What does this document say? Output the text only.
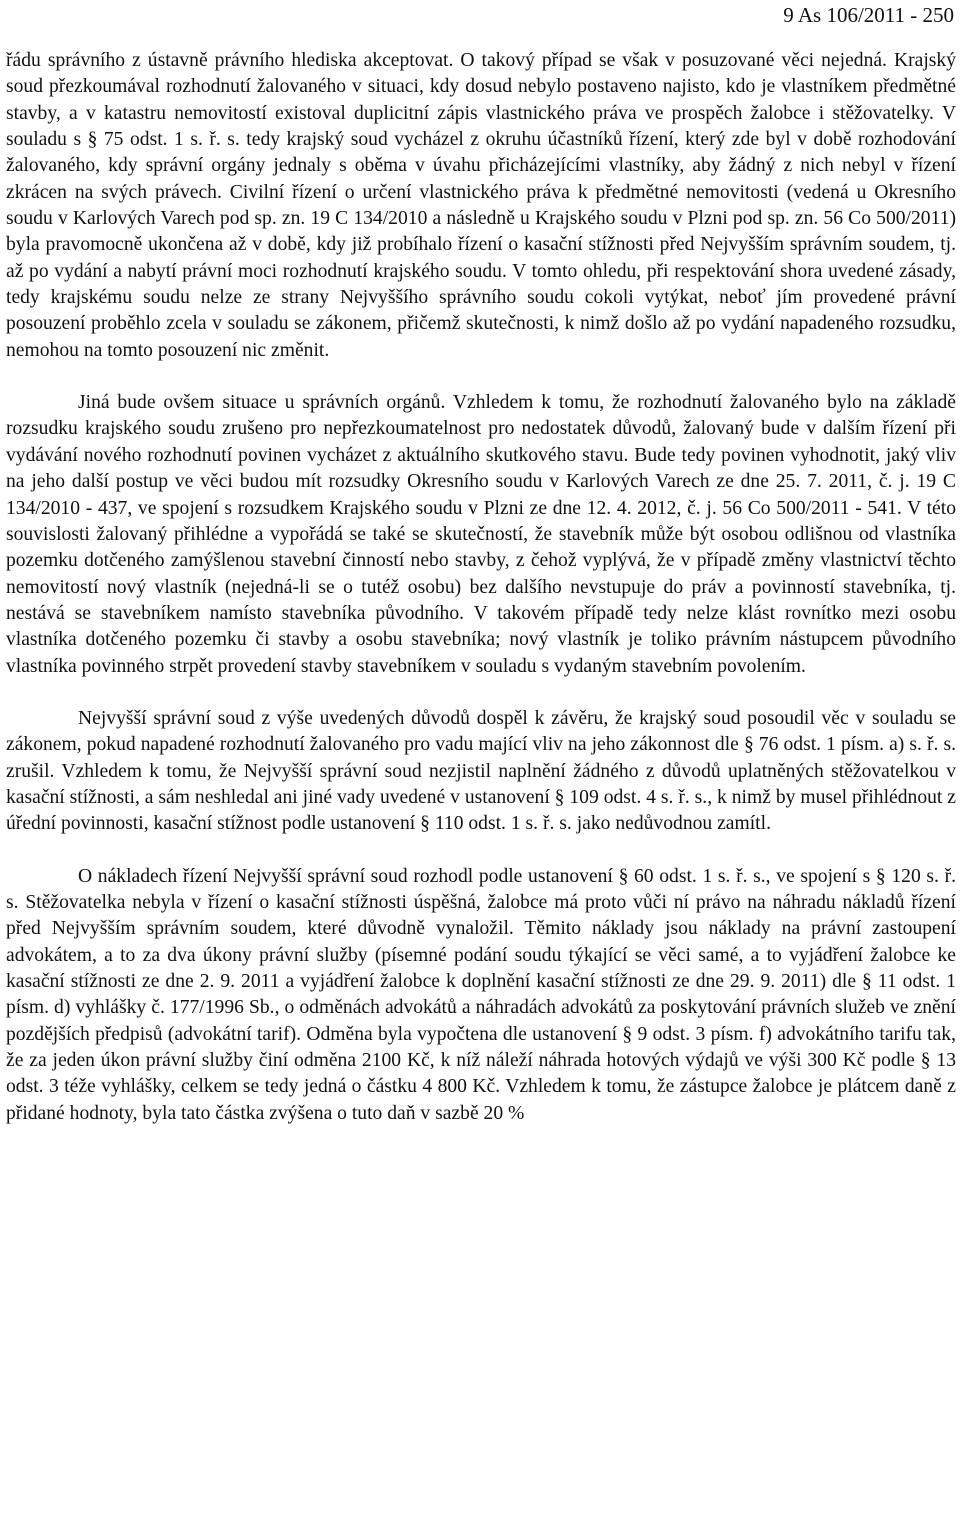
9 As 106/2011 - 250

řádu správního z ústavně právního hlediska akceptovat. O takový případ se však v posuzované věci nejedná. Krajský soud přezkoumával rozhodnutí žalovaného v situaci, kdy dosud nebylo postaveno najisto, kdo je vlastníkem předmětné stavby, a v katastru nemovitostí existoval duplicitní zápis vlastnického práva ve prospěch žalobce i stěžovatelky. V souladu s § 75 odst. 1 s. ř. s. tedy krajský soud vycházel z okruhu účastníků řízení, který zde byl v době rozhodování žalovaného, kdy správní orgány jednaly s oběma v úvahu přicházejícími vlastníky, aby žádný z nich nebyl v řízení zkrácen na svých právech. Civilní řízení o určení vlastnického práva k předmětné nemovitosti (vedená u Okresního soudu v Karlových Varech pod sp. zn. 19 C 134/2010 a následně u Krajského soudu v Plzni pod sp. zn. 56 Co 500/2011) byla pravomocně ukončena až v době, kdy již probíhalo řízení o kasační stížnosti před Nejvyšším správním soudem, tj. až po vydání a nabytí právní moci rozhodnutí krajského soudu. V tomto ohledu, při respektování shora uvedené zásady, tedy krajskému soudu nelze ze strany Nejvyššího správního soudu cokoli vytýkat, neboť jím provedené právní posouzení proběhlo zcela v souladu se zákonem, přičemž skutečnosti, k nimž došlo až po vydání napadeného rozsudku, nemohou na tomto posouzení nic změnit.

Jiná bude ovšem situace u správních orgánů. Vzhledem k tomu, že rozhodnutí žalovaného bylo na základě rozsudku krajského soudu zrušeno pro nepřezkoumatelnost pro nedostatek důvodů, žalovaný bude v dalším řízení při vydávání nového rozhodnutí povinen vycházet z aktuálního skutkového stavu. Bude tedy povinen vyhodnotit, jaký vliv na jeho další postup ve věci budou mít rozsudky Okresního soudu v Karlových Varech ze dne 25. 7. 2011, č. j. 19 C 134/2010 - 437, ve spojení s rozsudkem Krajského soudu v Plzni ze dne 12. 4. 2012, č. j. 56 Co 500/2011 - 541. V této souvislosti žalovaný přihlédne a vypořádá se také se skutečností, že stavebník může být osobou odlišnou od vlastníka pozemku dotčeného zamýšlenou stavební činností nebo stavby, z čehož vyplývá, že v případě změny vlastnictví těchto nemovitostí nový vlastník (nejedná-li se o tutéž osobu) bez dalšího nevstupuje do práv a povinností stavebníka, tj. nestává se stavebníkem namísto stavebníka původního. V takovém případě tedy nelze klást rovnítko mezi osobu vlastníka dotčeného pozemku či stavby a osobu stavebníka; nový vlastník je toliko právním nástupcem původního vlastníka povinného strpět provedení stavby stavebníkem v souladu s vydaným stavebním povolením.

Nejvyšší správní soud z výše uvedených důvodů dospěl k závěru, že krajský soud posoudil věc v souladu se zákonem, pokud napadené rozhodnutí žalovaného pro vadu mající vliv na jeho zákonnost dle § 76 odst. 1 písm. a) s. ř. s. zrušil. Vzhledem k tomu, že Nejvyšší správní soud nezjistil naplnění žádného z důvodů uplatněných stěžovatelkou v kasační stížnosti, a sám neshledal ani jiné vady uvedené v ustanovení § 109 odst. 4 s. ř. s., k nimž by musel přihlédnout z úřední povinnosti, kasační stížnost podle ustanovení § 110 odst. 1 s. ř. s. jako nedůvodnou zamítl.

O nákladech řízení Nejvyšší správní soud rozhodl podle ustanovení § 60 odst. 1 s. ř. s., ve spojení s § 120 s. ř. s. Stěžovatelka nebyla v řízení o kasační stížnosti úspěšná, žalobce má proto vůči ní právo na náhradu nákladů řízení před Nejvyšším správním soudem, které důvodně vynaložil. Těmito náklady jsou náklady na právní zastoupení advokátem, a to za dva úkony právní služby (písemné podání soudu týkající se věci samé, a to vyjádření žalobce ke kasační stížnosti ze dne 2. 9. 2011 a vyjádření žalobce k doplnění kasační stížnosti ze dne 29. 9. 2011) dle § 11 odst. 1 písm. d) vyhlášky č. 177/1996 Sb., o odměnách advokátů a náhradách advokátů za poskytování právních služeb ve znění pozdějších předpisů (advokátní tarif). Odměna byla vypočtena dle ustanovení § 9 odst. 3 písm. f) advokátního tarifu tak, že za jeden úkon právní služby činí odměna 2100 Kč, k níž náleží náhrada hotových výdajů ve výši 300 Kč podle § 13 odst. 3 téže vyhlášky, celkem se tedy jedná o částku 4 800 Kč. Vzhledem k tomu, že zástupce žalobce je plátcem daně z přidané hodnoty, byla tato částka zvýšena o tuto daň v sazbě 20 %
